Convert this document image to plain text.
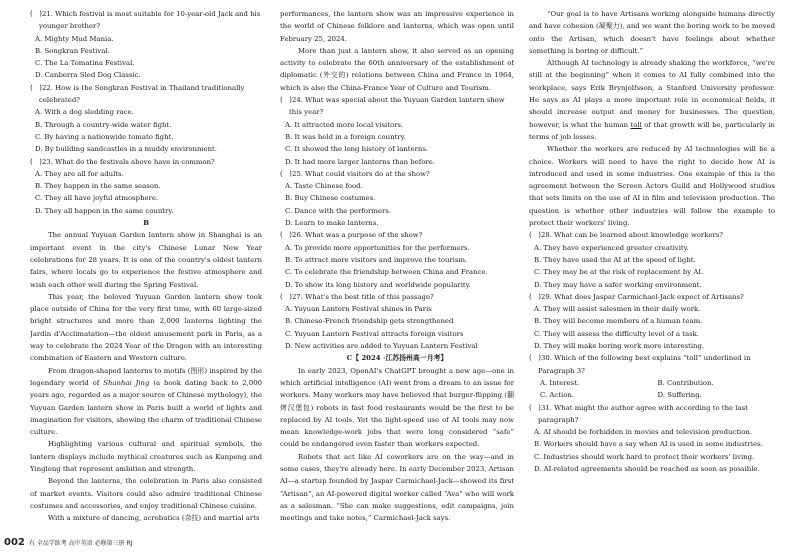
(   )21. Which festival is most suitable for 10-year-old Jack and his younger brother?
A. Mighty Mud Mania.
B. Songkran Festival.
C. The La Tomatina Festival.
D. Canberra Sled Dog Classic.
(   )22. How is the Songkran Festival in Thailand traditionally celebrated?
A. With a dog sledding race.
B. Through a country-wide water fight.
C. By having a nationwide tomato fight.
D. By building sandcastles in a muddy environment.
(   )23. What do the festivals above have in common?
A. They are all for adults.
B. They happen in the same season.
C. They all have joyful atmosphere.
D. They all happen in the same country.
B
The annual Yuyuan Garden lantern show in Shanghai is an important event in the city's Chinese Lunar New Year celebrations for 28 years. It is one of the country's oldest lantern fairs, where locals go to experience the festive atmosphere and wish each other well during the Spring Festival.
This year, the beloved Yuyuan Garden lantern show took place outside of China for the very first time, with 60 large-sized bright structures and more than 2,000 lanterns lighting the Jardin d'Acclimatation—the oldest amusement park in Paris, as a way to celebrate the 2024 Year of the Dragon with an interesting combination of Eastern and Western culture.
From dragon-shaped lanterns to motifs (图形) inspired by the legendary world of Shanhai Jing (a book dating back to 2,000 years ago, regarded as a major source of Chinese mythology), the Yuyuan Garden lantern show in Paris built a world of lights and imagination for visitors, showing the charm of traditional Chinese culture.
Highlighting various cultural and spiritual symbols, the lantern displays include mythical creatures such as Kunpeng and Yinglong that represent ambition and strength.
Beyond the lanterns, the celebration in Paris also consisted of market events. Visitors could also admire traditional Chinese costumes and accessories, and enjoy traditional Chinese cuisine.
With a mixture of dancing, acrobatics (杂技) and martial arts
performances, the lantern show was an impressive experience in the world of Chinese folklore and lanterns, which was open until February 25, 2024.
More than just a lantern show, it also served as an opening activity to celebrate the 60th anniversary of the establishment of diplomatic (外交的) relations between China and France in 1964, which is also the China-France Year of Culture and Tourism.
(   )24. What was special about the Yuyuan Garden lantern show this year?
A. It attracted more local visitors.
B. It was held in a foreign country.
C. It showed the long history of lanterns.
D. It had more larger lanterns than before.
(   )25. What could visitors do at the show?
A. Taste Chinese food.
B. Buy Chinese costumes.
C. Dance with the performers.
D. Learn to make lanterns.
(   )26. What was a purpose of the show?
A. To provide more opportunities for the performers.
B. To attract more visitors and improve the tourism.
C. To celebrate the friendship between China and France.
D. To show its long history and worldwide popularity.
(   )27. What's the best title of this passage?
A. Yuyuan Lantern Festival shines in Paris
B. Chinese-French friendship gets strengthened
C. Yuyuan Lantern Festival attracts foreign visitors
D. New activities are added to Yuyuan Lantern Festival
C【 2024 ·江苏扬州高一月考】
In early 2023, OpenAI's ChatGPT brought a new age—one in which artificial intelligence (AI) went from a dream to an issue for workers. Many workers may have believed that burger-flipping (翻烤汉堡包) robots in fast food restaurants would be the first to be replaced by AI tools. Yet the light-speed use of AI tools may now mean knowledge-work jobs that were long considered “safe” could be endangered even faster than workers expected.
Robots that act like AI coworkers are on the way—and in some cases, they're already here. In early December 2023, Artisan AI—a startup founded by Jaspar Carmichael-Jack—showed its first “Artisan”, an AI-powered digital worker called “Ava” who will work as a salesman. “She can make suggestions, edit campaigns, join meetings and take notes,” Carmichael-Jack says.
“Our goal is to have Artisans working alongside humans directly and have cohesion (凝聚力), and we want the boring work to be moved onto the Artisan, which doesn't have feelings about whether something is boring or difficult.”
Although AI technology is already shaking the workforce, “we're still at the beginning” when it comes to AI fully combined into the workplace, says Erik Brynjolfsson, a Stanford University professor. He says as AI plays a more important role in economical fields, it should increase output and money for businesses. The question, however, is what the human toll of that growth will be, particularly in terms of job losses.
Whether the workers are reduced by AI technologies will be a choice. Workers will need to have the right to decide how AI is introduced and used in some industries. One example of this is the agreement between the Screen Actors Guild and Hollywood studios that sets limits on the use of AI in film and television production. The question is whether other industries will follow the example to protect their workers' living.
(   )28. What can be learned about knowledge workers?
A. They have experienced greater creativity.
B. They have used the AI at the speed of light.
C. They may be at the risk of replacement by AI.
D. They may have a safer working environment.
(   )29. What does Jaspar Carmichael-Jack expect of Artisans?
A. They will assist salesmen in their daily work.
B. They will become members of a human team.
C. They will assess the difficulty level of a task.
D. They will make boring work more interesting.
(   )30. Which of the following best explains “toll” underlined in Paragraph 3?
A. Interest.	B. Contribution.
C. Action.	D. Suffering.
(   )31. What might the author agree with according to the last paragraph?
A. AI should be forbidden in movies and television production.
B. Workers should have a say when AI is used in some industries.
C. Industries should work hard to protect their workers' living.
D. AI-related agreements should be reached as soon as possible.
002 有 全品学练考 高中英语 必修第三册 RJ
